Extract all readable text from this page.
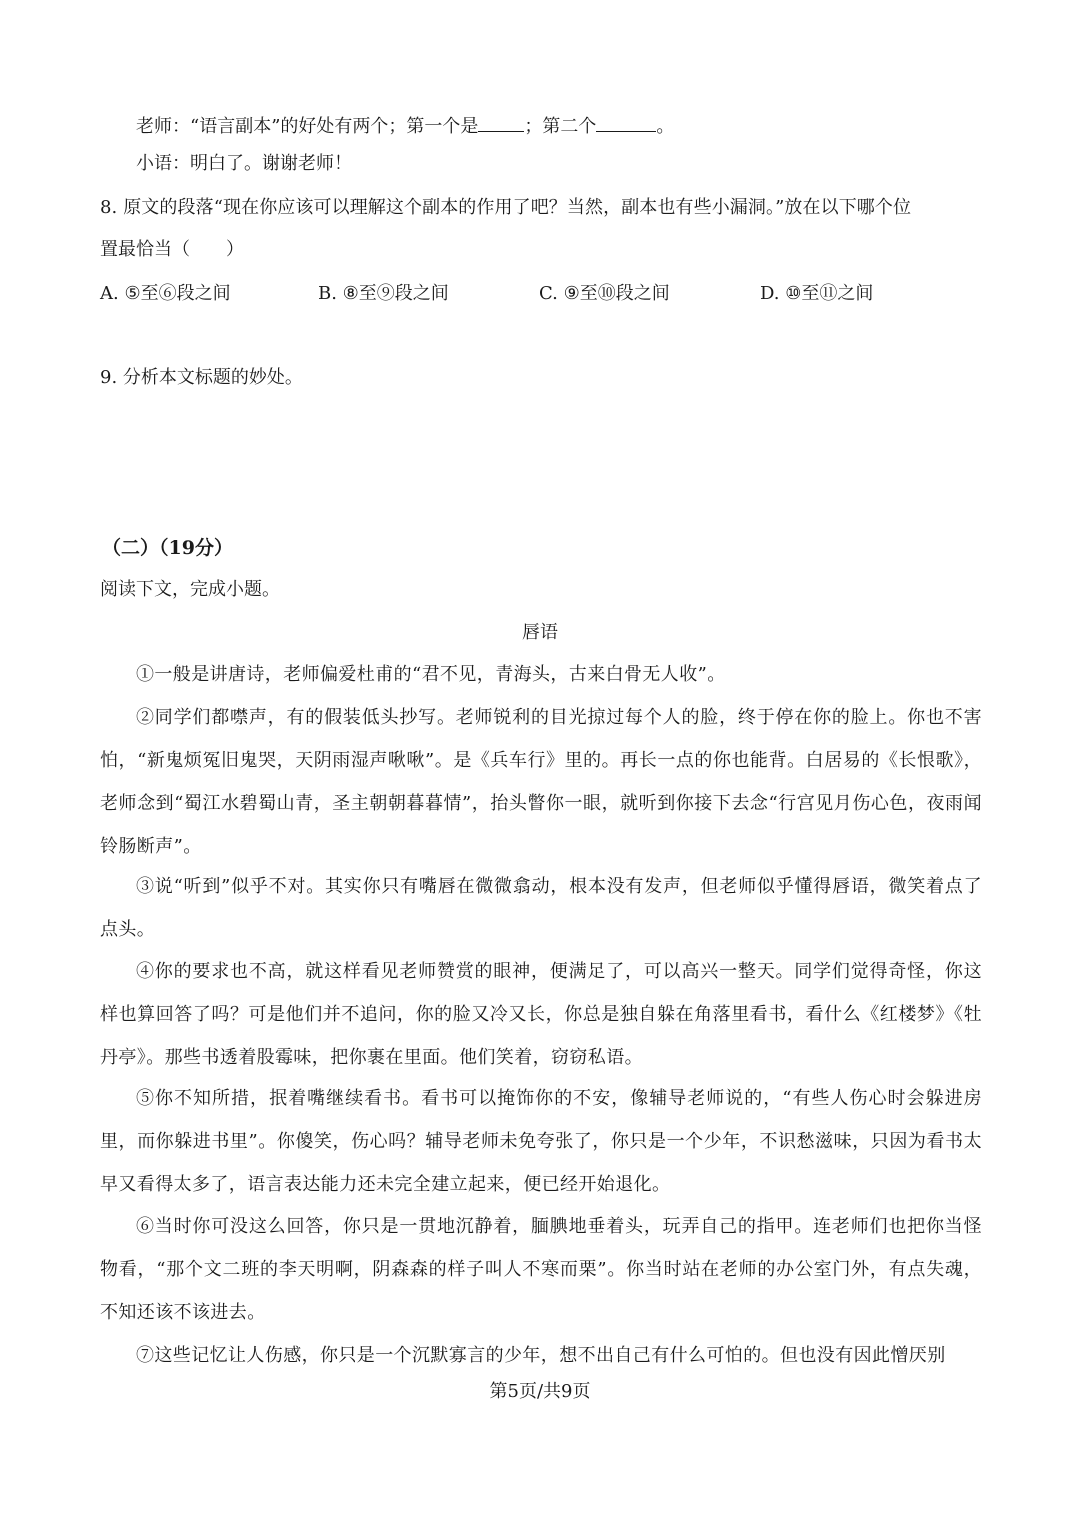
老师：“语言副本”的好处有两个；第一个是	；第二个	。
小语：明白了。谢谢老师！
8. 原文的段落“现在你应该可以理解这个副本的作用了吧？当然，副本也有些小漏洞。”放在以下哪个位
置最恰当（　　）
A. ⑤至⑥段之间	B. ⑧至⑨段之间	C. ⑨至⑩段之间	D. ⑩至⑪之间
9. 分析本文标题的妙处。
（二）（19分）
阅读下文，完成小题。
唇语
①一般是讲唐诗，老师偏爱杜甫的“君不见，青海头，古来白骨无人收”。
②同学们都噤声，有的假装低头抄写。老师锐利的目光掠过每个人的脸，终于停在你的脸上。你也不害怕，“新鬼烦冤旧鬼哭，天阴雨湿声啾啾”。是《兵车行》里的。再长一点的你也能背。白居易的《长恨歌》，老师念到“蜀江水碧蜀山青，圣主朝朝暮暮情”，抬头瞥你一眼，就听到你接下去念“行宫见月伤心色，夜雨闻铃肠断声”。
③说“听到”似乎不对。其实你只有嘴唇在微微翕动，根本没有发声，但老师似乎懂得唇语，微笑着点了点头。
④你的要求也不高，就这样看见老师赞赏的眼神，便满足了，可以高兴一整天。同学们觉得奇怪，你这样也算回答了吗？可是他们并不追问，你的脸又冷又长，你总是独自躲在角落里看书，看什么《红楼梦》《牡丹亭》。那些书透着股霉味，把你裹在里面。他们笑着，窃窃私语。
⑤你不知所措，抿着嘴继续看书。看书可以掩饰你的不安，像辅导老师说的，“有些人伤心时会躲进房里，而你躲进书里”。你傻笑，伤心吗？辅导老师未免夸张了，你只是一个少年，不识愁滋味，只因为看书太早又看得太多了，语言表达能力还未完全建立起来，便已经开始退化。
⑥当时你可没这么回答，你只是一贯地沉静着，腼腆地垂着头，玩弄自己的指甲。连老师们也把你当怪物看，“那个文二班的李天明啊，阴森森的样子叫人不寒而栗”。你当时站在老师的办公室门外，有点失魂，不知还该不该进去。
⑦这些记忆让人伤感，你只是一个沉默寡言的少年，想不出自己有什么可怕的。但也没有因此憎厌别
第5页/共9页
